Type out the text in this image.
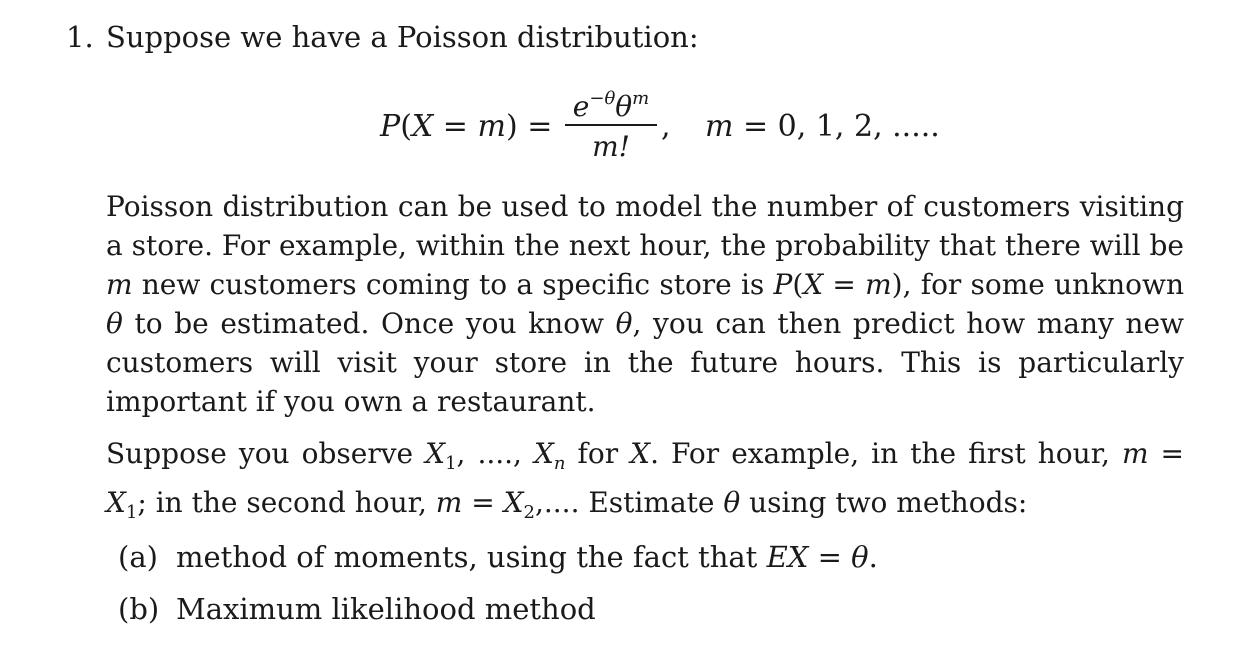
1. Suppose we have a Poisson distribution:
P(X = m) =
$e^{-\theta}\theta^m$
m!
, m = 0, 1, 2, .....
Poisson distribution can be used to model the number of customers visiting a store. For example, within the next hour, the probability that there will be m new customers coming to a specific store is P(X = m), for some unknown θ to be estimated. Once you know θ, you can then predict how many new customers will visit your store in the future hours. This is particularly important if you own a restaurant.
Suppose you observe $X_1$, ...., $X_n$ for X. For example, in the first hour, $m = X_1$; in the second hour, $m = X_2$,.... Estimate θ using two methods:
(a) method of moments, using the fact that EX = θ.
(b) Maximum likelihood method
